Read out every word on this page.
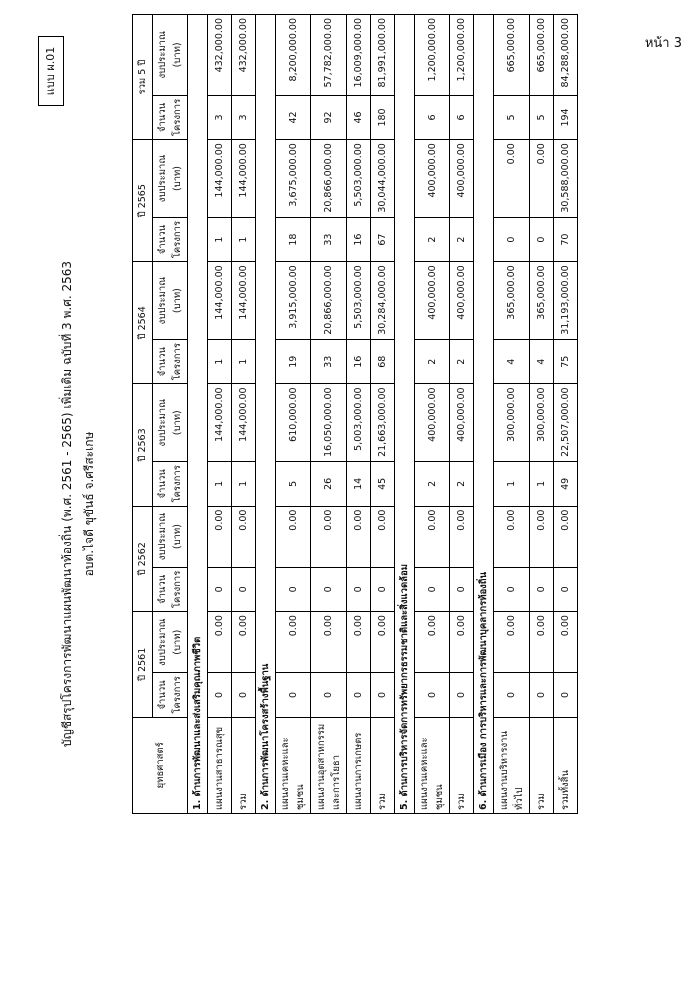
หน้า 3
แบบ ผ.01
บัญชีสรุปโครงการพัฒนาแผนพัฒนาท้องถิ่น (พ.ศ. 2561 - 2565) เพิ่มเติม ฉบับที่ 3 พ.ศ. 2563 อบต.ไจดี ขุขันธ์ จ.ศรีสะเกษ
ยุทธศาสตร์	ปี 2561		ปี 2562		ปี 2563		ปี 2564		ปี 2565		รวม 5 ปี	
	จำนวนโครงการ	งบประมาณ (บาท)	จำนวนโครงการ	งบประมาณ (บาท)	จำนวนโครงการ	งบประมาณ (บาท)	จำนวนโครงการ	งบประมาณ (บาท)	จำนวนโครงการ	งบประมาณ (บาท)	จำนวนโครงการ	งบประมาณ (บาท)
1. ด้านการพัฒนาและส่งเสริมคุณภาพชีวิต												
แผนงานสาธารณสุข	0	0.00	0	0.00	1	144,000.00	1	144,000.00	1	144,000.00	3	432,000.00
รวม	0	0.00	0	0.00	1	144,000.00	1	144,000.00	1	144,000.00	3	432,000.00
2. ด้านการพัฒนาโครงสร้างพื้นฐาน												
แผนงานเคหะและชุมชน	0	0.00	0	0.00	5	610,000.00	19	3,915,000.00	18	3,675,000.00	42	8,200,000.00
แผนงานอุตสาหกรรมและการโยธา	0	0.00	0	0.00	26	16,050,000.00	33	20,866,000.00	33	20,866,000.00	92	57,782,000.00
แผนงานการเกษตร	0	0.00	0	0.00	14	5,003,000.00	16	5,503,000.00	16	5,503,000.00	46	16,009,000.00
รวม	0	0.00	0	0.00	45	21,663,000.00	68	30,284,000.00	67	30,044,000.00	180	81,991,000.00
5. ด้านการบริหารจัดการทรัพยากรธรรมชาติและสิ่งแวดล้อม												
แผนงานเคหะและชุมชน	0	0.00	0	0.00	2	400,000.00	2	400,000.00	2	400,000.00	6	1,200,000.00
รวม	0	0.00	0	0.00	2	400,000.00	2	400,000.00	2	400,000.00	6	1,200,000.00
6. ด้านการเมือง การบริหารและการพัฒนาบุคลากรท้องถิ่น												
แผนงานบริหารงานทั่วไป	0	0.00	0	0.00	1	300,000.00	4	365,000.00	0	0.00	5	665,000.00
รวม	0	0.00	0	0.00	1	300,000.00	4	365,000.00	0	0.00	5	665,000.00
รวมทั้งสิ้น	0	0.00	0	0.00	49	22,507,000.00	75	31,193,000.00	70	30,588,000.00	194	84,288,000.00
